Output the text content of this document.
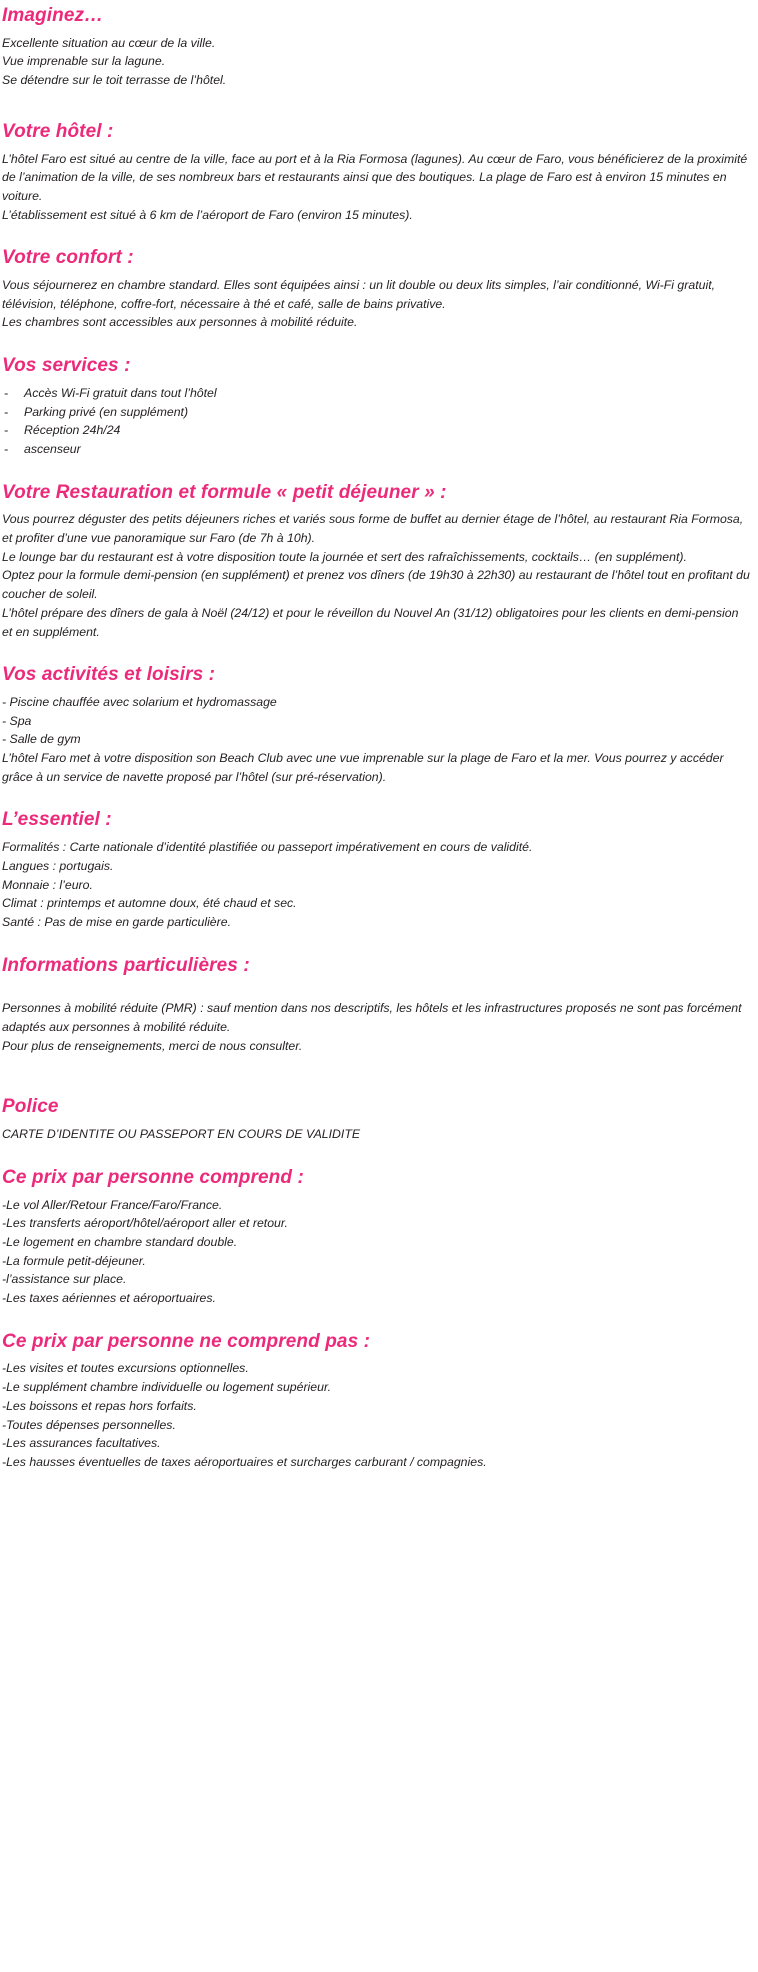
Imaginez…

Excellente situation au cœur de la ville.
Vue imprenable sur la lagune.
Se détendre sur le toit terrasse de l’hôtel.

Votre hôtel :

L’hôtel Faro est situé au centre de la ville, face au port et à la Ria Formosa (lagunes). Au cœur de Faro, vous bénéficierez de la proximité de l’animation de la ville, de ses nombreux bars et restaurants ainsi que des boutiques. La plage de Faro est à environ 15 minutes en voiture.
L’établissement est situé à 6 km de l’aéroport de Faro (environ 15 minutes).

Votre confort :

Vous séjournerez en chambre standard. Elles sont équipées ainsi : un lit double ou deux lits simples, l’air conditionné, Wi-Fi gratuit, télévision, téléphone, coffre-fort, nécessaire à thé et café, salle de bains privative.
Les chambres sont accessibles aux personnes à mobilité réduite.

Vos services :
- Accès Wi-Fi gratuit dans tout l’hôtel
- Parking privé (en supplément)
- Réception 24h/24
- ascenseur
Votre Restauration et formule « petit déjeuner » :

Vous pourrez déguster des petits déjeuners riches et variés sous forme de buffet au dernier étage de l’hôtel, au restaurant Ria Formosa, et profiter d’une vue panoramique sur Faro (de 7h à 10h).
Le lounge bar du restaurant est à votre disposition toute la journée et sert des rafraîchissements, cocktails… (en supplément).
Optez pour la formule demi-pension (en supplément) et prenez vos dîners (de 19h30 à 22h30) au restaurant de l’hôtel tout en profitant du coucher de soleil.
L’hôtel prépare des dîners de gala à Noël (24/12) et pour le réveillon du Nouvel An (31/12) obligatoires pour les clients en demi-pension et en supplément.

Vos activités et loisirs :

- Piscine chauffée avec solarium et hydromassage
- Spa
- Salle de gym
L’hôtel Faro met à votre disposition son Beach Club avec une vue imprenable sur la plage de Faro et la mer. Vous pourrez y accéder grâce à un service de navette proposé par l’hôtel (sur pré-réservation).

L’essentiel :
Formalités : Carte nationale d’identité plastifiée ou passeport impérativement en cours de validité.
Langues : portugais.
Monnaie : l’euro.
Climat : printemps et automne doux, été chaud et sec.
Santé : Pas de mise en garde particulière.
Informations particulières :

Personnes à mobilité réduite (PMR) : sauf mention dans nos descriptifs, les hôtels et les infrastructures proposés ne sont pas forcément adaptés aux personnes à mobilité réduite.
Pour plus de renseignements, merci de nous consulter.

Police

CARTE D’IDENTITE OU PASSEPORT EN COURS DE VALIDITE

Ce prix par personne comprend :
-Le vol Aller/Retour France/Faro/France.
-Les transferts aéroport/hôtel/aéroport aller et retour.
-Le logement en chambre standard double.
-La formule petit-déjeuner.
-l’assistance sur place.
-Les taxes aériennes et aéroportuaires.
Ce prix par personne ne comprend pas :
-Les visites et toutes excursions optionnelles.
-Le supplément chambre individuelle ou logement supérieur.
-Les boissons et repas hors forfaits.
-Toutes dépenses personnelles.
-Les assurances facultatives.
-Les hausses éventuelles de taxes aéroportuaires et surcharges carburant / compagnies.
